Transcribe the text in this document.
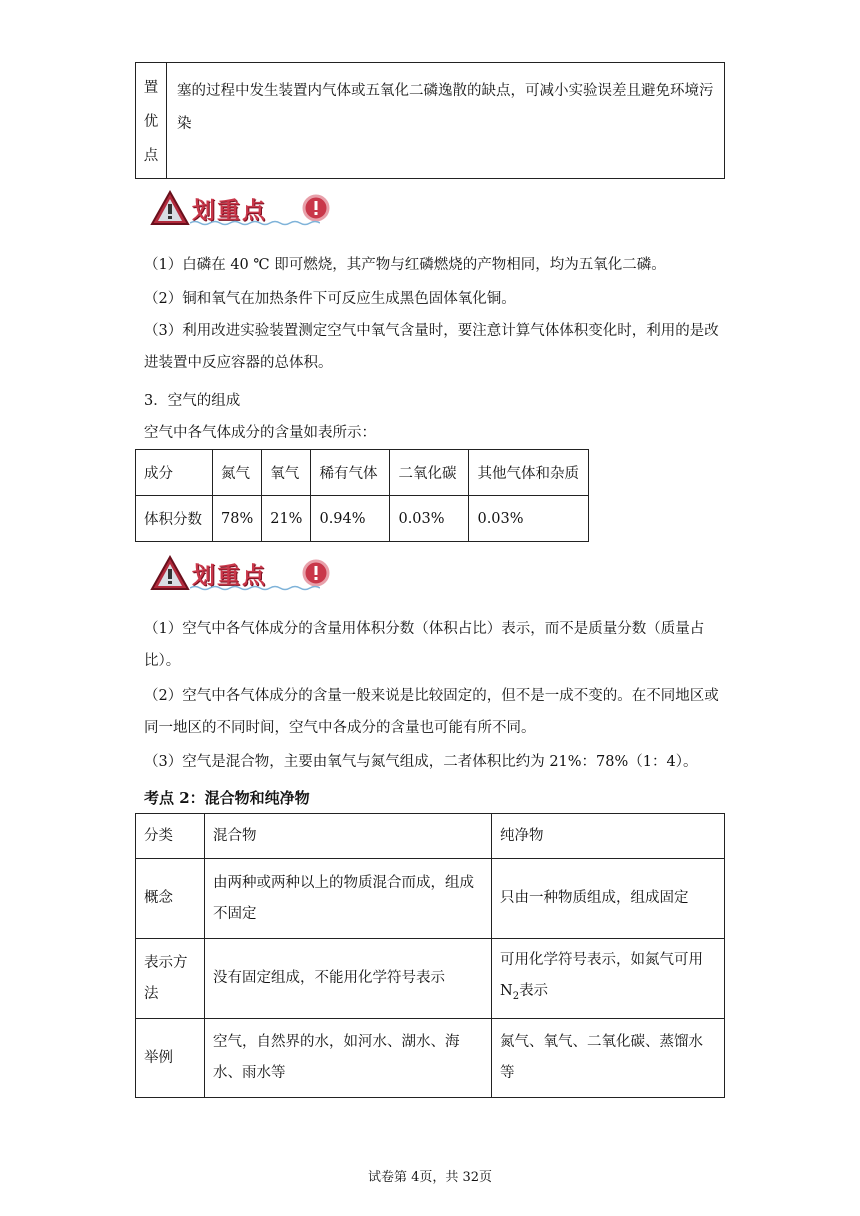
置
优
点
	塞的过程中发生装置内气体或五氧化二磷逸散的缺点，可减小实验误差且避免环境污染
划重点

（1）白磷在 40 ℃ 即可燃烧，其产物与红磷燃烧的产物相同，均为五氧化二磷。

（2）铜和氧气在加热条件下可反应生成黑色固体氧化铜。

（3）利用改进实验装置测定空气中氧气含量时，要注意计算气体体积变化时，利用的是改进装置中反应容器的总体积。

3．空气的组成

空气中各气体成分的含量如表所示：

成分	氮气	氧气	稀有气体	二氧化碳	其他气体和杂质
体积分数	78%	21%	0.94%	0.03%	0.03%
划重点

（1）空气中各气体成分的含量用体积分数（体积占比）表示，而不是质量分数（质量占比）。

（2）空气中各气体成分的含量一般来说是比较固定的，但不是一成不变的。在不同地区或同一地区的不同时间，空气中各成分的含量也可能有所不同。

（3）空气是混合物，主要由氧气与氮气组成，二者体积比约为 21%：78%（1：4）。

考点 2：混合物和纯净物
分类	混合物	纯净物
概念	由两种或两种以上的物质混合而成，组成不固定	只由一种物质组成，组成固定
表示方法	没有固定组成，不能用化学符号表示	可用化学符号表示，如氮气可用
$N_2$表示
举例	空气，自然界的水，如河水、湖水、海水、雨水等	氮气、氧气、二氧化碳、蒸馏水等
试卷第 4页，共 32页
